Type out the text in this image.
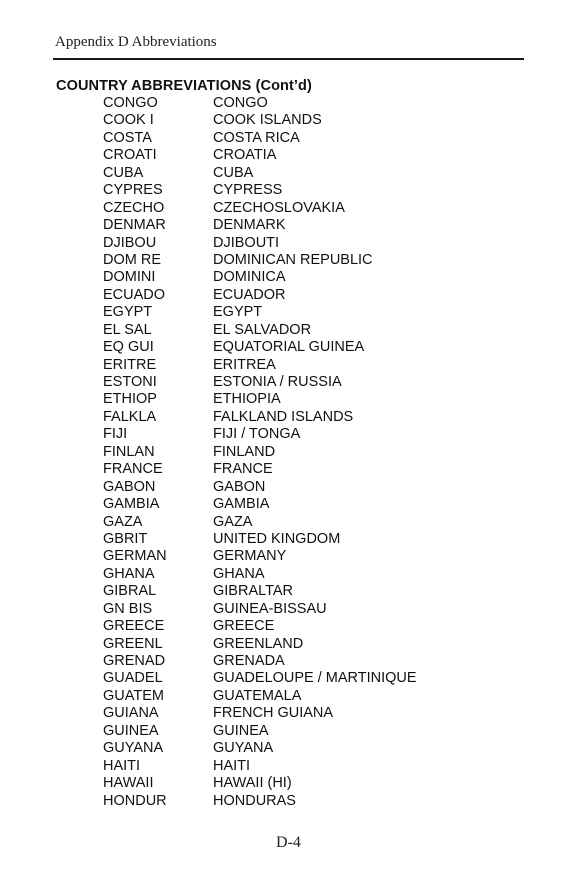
Appendix D Abbreviations
COUNTRY ABBREVIATIONS (Cont’d)
CONGO	CONGO
COOK I	COOK ISLANDS
COSTA	COSTA RICA
CROATI	CROATIA
CUBA	CUBA
CYPRES	CYPRESS
CZECHO	CZECHOSLOVAKIA
DENMAR	DENMARK
DJIBOU	DJIBOUTI
DOM RE	DOMINICAN REPUBLIC
DOMINI	DOMINICA
ECUADO	ECUADOR
EGYPT	EGYPT
EL SAL	EL SALVADOR
EQ GUI	EQUATORIAL GUINEA
ERITRE	ERITREA
ESTONI	ESTONIA / RUSSIA
ETHIOP	ETHIOPIA
FALKLA	FALKLAND ISLANDS
FIJI	FIJI / TONGA
FINLAN	FINLAND
FRANCE	FRANCE
GABON	GABON
GAMBIA	GAMBIA
GAZA	GAZA
GBRIT	UNITED KINGDOM
GERMAN	GERMANY
GHANA	GHANA
GIBRAL	GIBRALTAR
GN BIS	GUINEA-BISSAU
GREECE	GREECE
GREENL	GREENLAND
GRENAD	GRENADA
GUADEL	GUADELOUPE / MARTINIQUE
GUATEM	GUATEMALA
GUIANA	FRENCH GUIANA
GUINEA	GUINEA
GUYANA	GUYANA
HAITI	HAITI
HAWAII	HAWAII (HI)
HONDUR	HONDURAS
D-4
